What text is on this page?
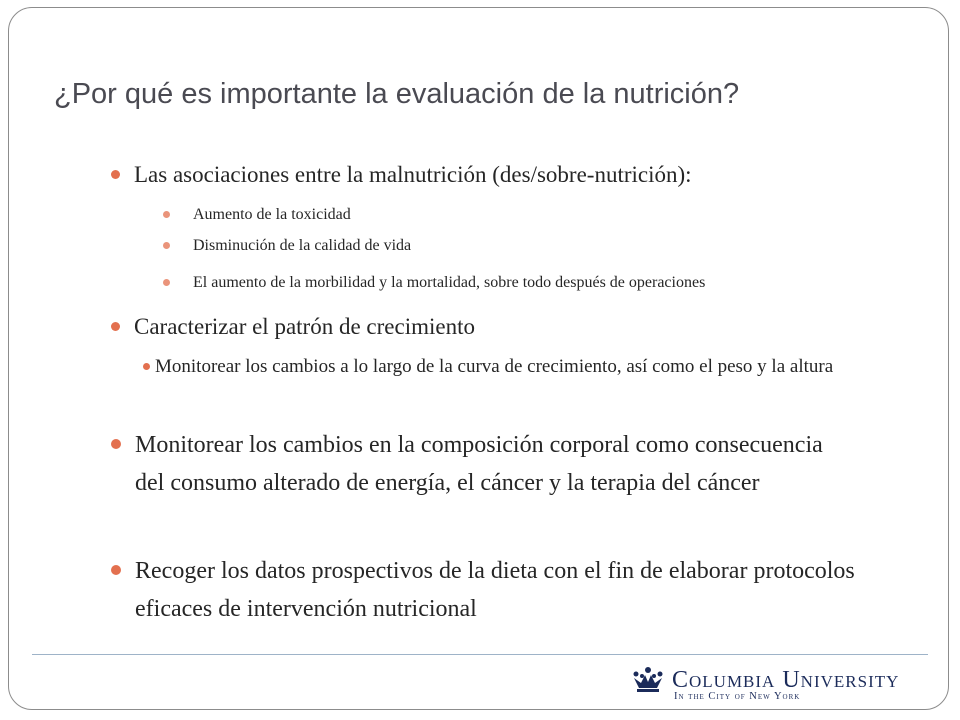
¿Por qué es importante la evaluación de la nutrición?
Las asociaciones entre la malnutrición (des/sobre-nutrición):
Aumento de la toxicidad
Disminución de la calidad de vida
El aumento de la morbilidad y la mortalidad, sobre todo después de operaciones
Caracterizar el patrón de crecimiento
Monitorear los cambios a lo largo de la curva de crecimiento, así como el peso y la altura
Monitorear los cambios en la composición corporal como consecuencia del consumo alterado de energía, el cáncer y la terapia del cáncer
Recoger los datos prospectivos de la dieta con el fin de elaborar protocolos eficaces de intervención nutricional
Columbia University
In the City of New York
